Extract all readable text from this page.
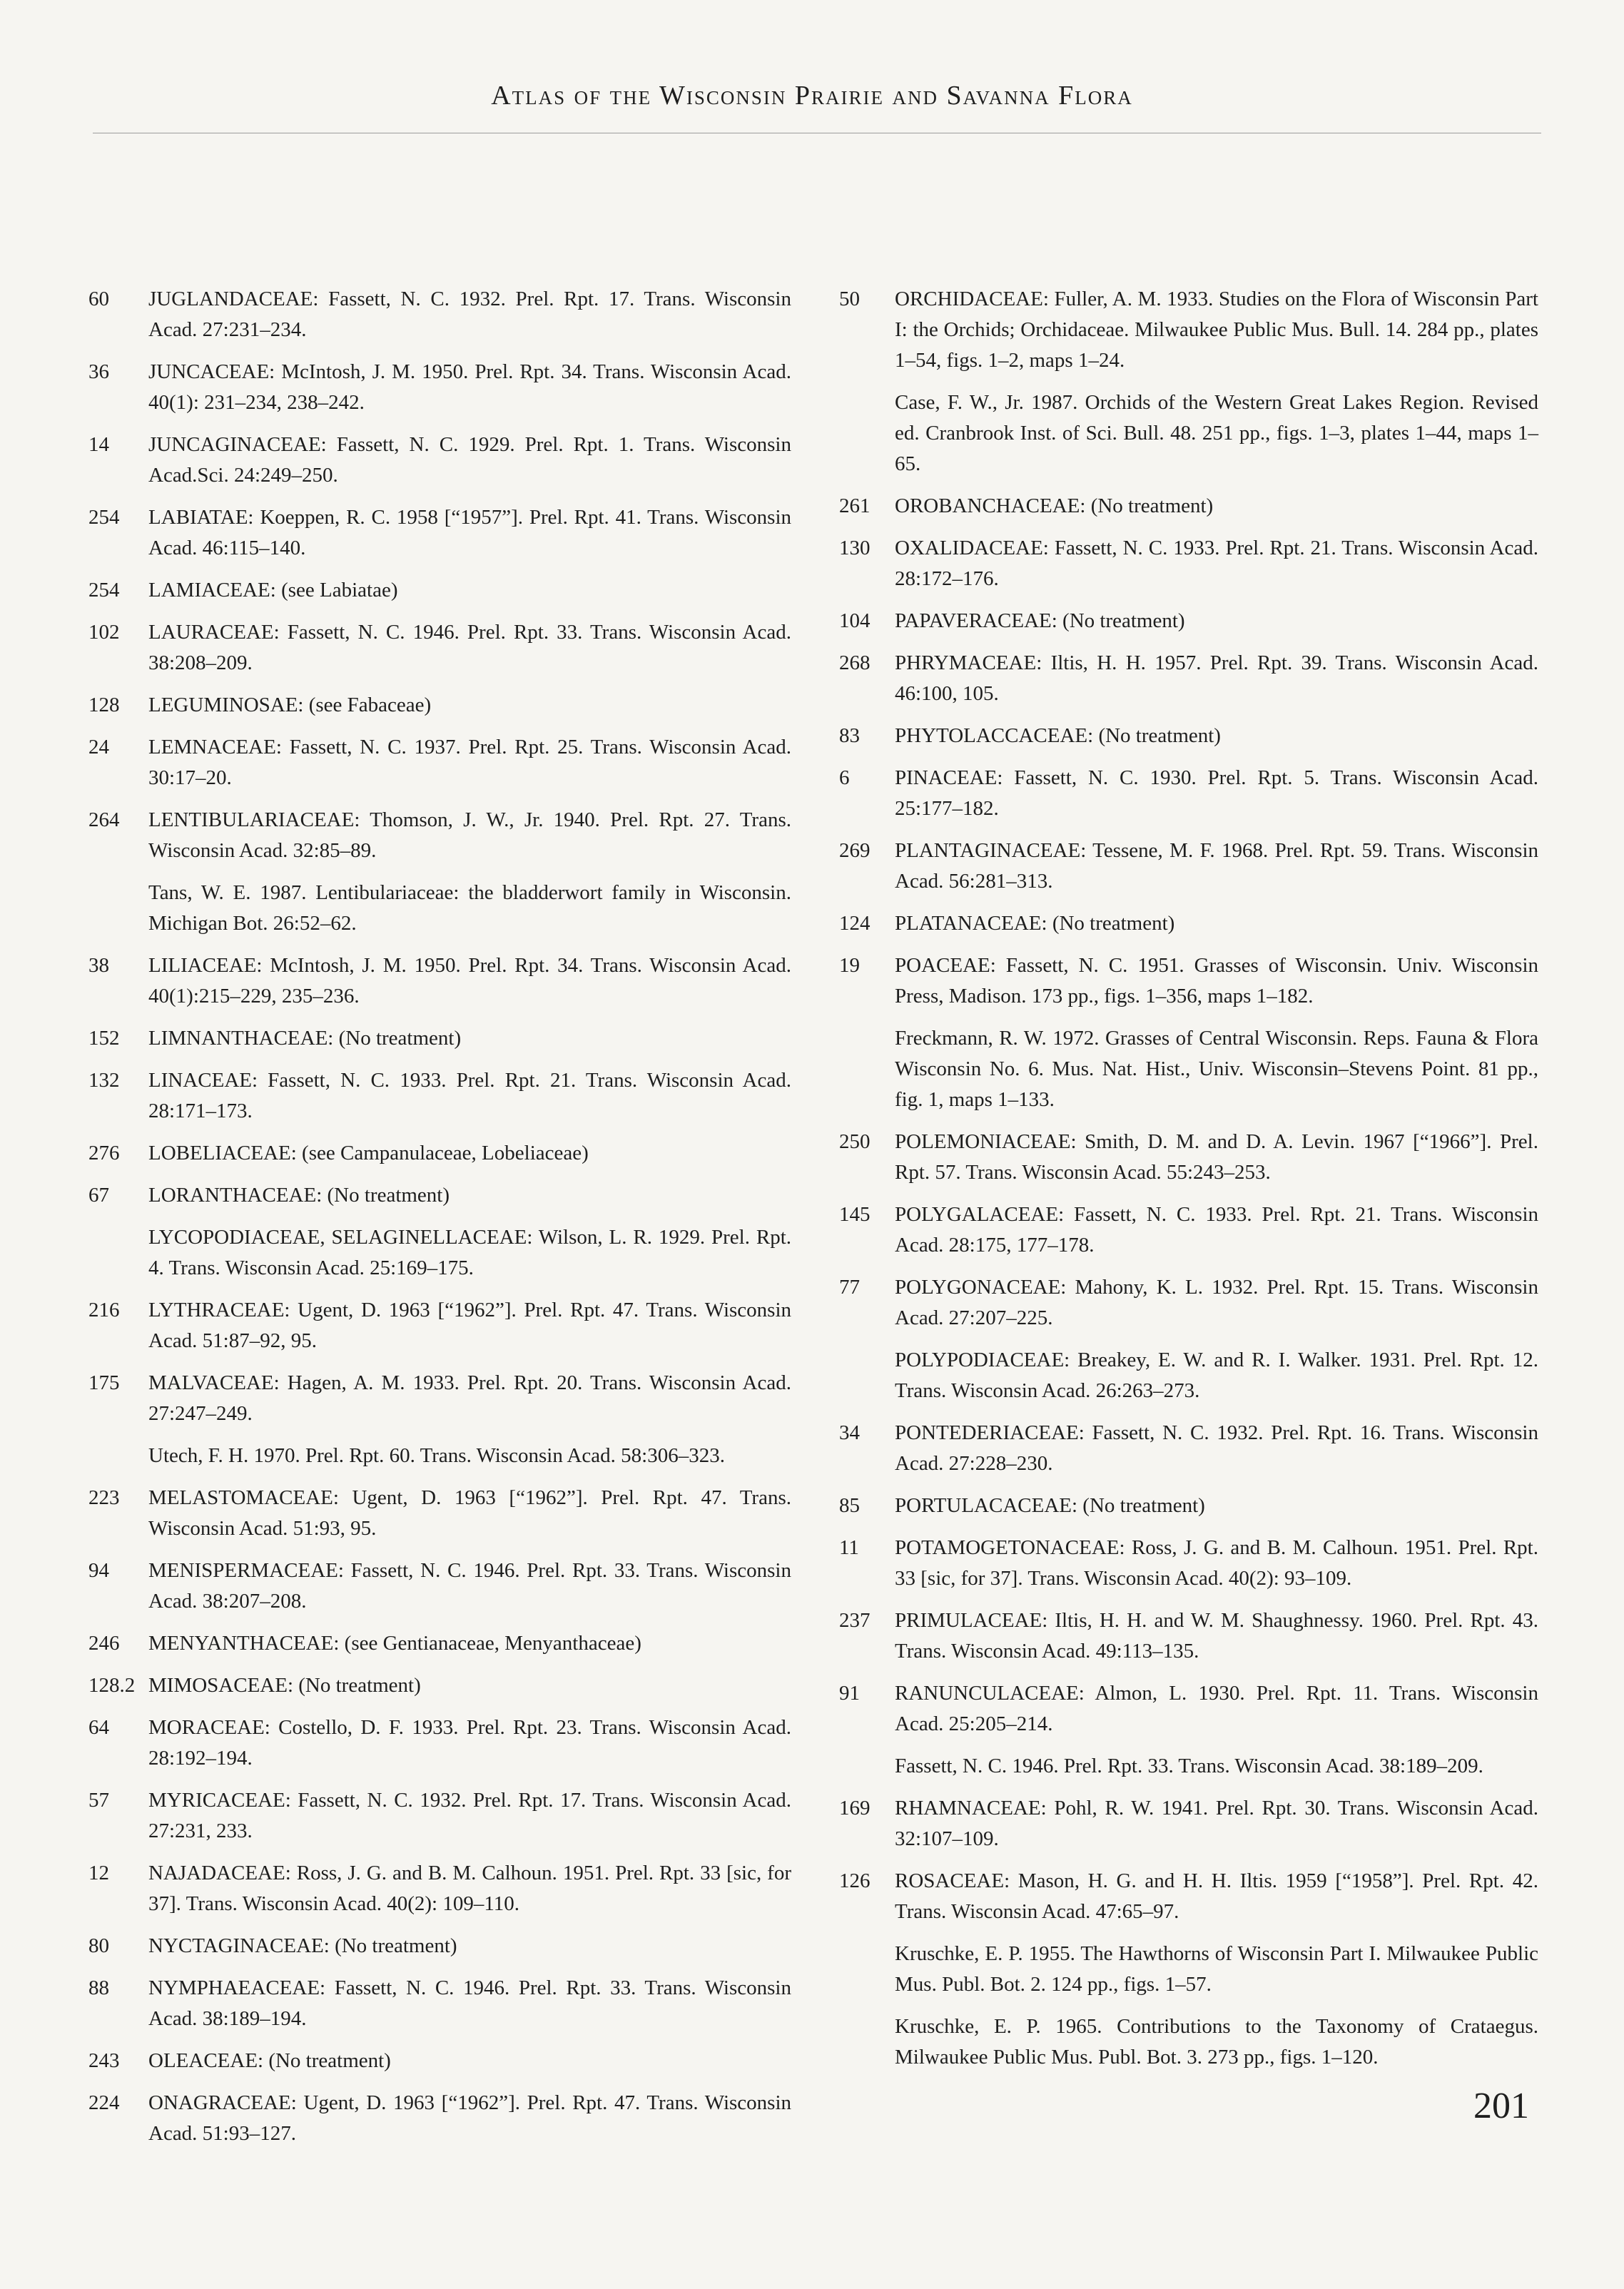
Atlas of the Wisconsin Prairie and Savanna Flora
60	JUGLANDACEAE: Fassett, N. C. 1932. Prel. Rpt. 17. Trans. Wisconsin Acad. 27:231–234.
36	JUNCACEAE: McIntosh, J. M. 1950. Prel. Rpt. 34. Trans. Wisconsin Acad. 40(1): 231–234, 238–242.
14	JUNCAGINACEAE: Fassett, N. C. 1929. Prel. Rpt. 1. Trans. Wisconsin Acad.Sci. 24:249–250.
254	LABIATAE: Koeppen, R. C. 1958 [“1957”]. Prel. Rpt. 41. Trans. Wisconsin Acad. 46:115–140.
254	LAMIACEAE: (see Labiatae)
102	LAURACEAE: Fassett, N. C. 1946. Prel. Rpt. 33. Trans. Wisconsin Acad. 38:208–209.
128	LEGUMINOSAE: (see Fabaceae)
24	LEMNACEAE: Fassett, N. C. 1937. Prel. Rpt. 25. Trans. Wisconsin Acad. 30:17–20.
264	LENTIBULARIACEAE: Thomson, J. W., Jr. 1940. Prel. Rpt. 27. Trans. Wisconsin Acad. 32:85–89.
Tans, W. E. 1987. Lentibulariaceae: the bladderwort family in Wisconsin. Michigan Bot. 26:52–62.
38	LILIACEAE: McIntosh, J. M. 1950. Prel. Rpt. 34. Trans. Wisconsin Acad. 40(1):215–229, 235–236.
152	LIMNANTHACEAE: (No treatment)
132	LINACEAE: Fassett, N. C. 1933. Prel. Rpt. 21. Trans. Wisconsin Acad. 28:171–173.
276	LOBELIACEAE: (see Campanulaceae, Lobeliaceae)
67	LORANTHACEAE: (No treatment)
LYCOPODIACEAE, SELAGINELLACEAE: Wilson, L. R. 1929. Prel. Rpt. 4. Trans. Wisconsin Acad. 25:169–175.
216	LYTHRACEAE: Ugent, D. 1963 [“1962”]. Prel. Rpt. 47. Trans. Wisconsin Acad. 51:87–92, 95.
175	MALVACEAE: Hagen, A. M. 1933. Prel. Rpt. 20. Trans. Wisconsin Acad. 27:247–249.
Utech, F. H. 1970. Prel. Rpt. 60. Trans. Wisconsin Acad. 58:306–323.
223	MELASTOMACEAE: Ugent, D. 1963 [“1962”]. Prel. Rpt. 47. Trans. Wisconsin Acad. 51:93, 95.
94	MENISPERMACEAE: Fassett, N. C. 1946. Prel. Rpt. 33. Trans. Wisconsin Acad. 38:207–208.
246	MENYANTHACEAE: (see Gentianaceae, Menyanthaceae)
128.2 MIMOSACEAE: (No treatment)
64	MORACEAE: Costello, D. F. 1933. Prel. Rpt. 23. Trans. Wisconsin Acad. 28:192–194.
57	MYRICACEAE: Fassett, N. C. 1932. Prel. Rpt. 17. Trans. Wisconsin Acad. 27:231, 233.
12	NAJADACEAE: Ross, J. G. and B. M. Calhoun. 1951. Prel. Rpt. 33 [sic, for 37]. Trans. Wisconsin Acad. 40(2): 109–110.
80	NYCTAGINACEAE: (No treatment)
88	NYMPHAEACEAE: Fassett, N. C. 1946. Prel. Rpt. 33. Trans. Wisconsin Acad. 38:189–194.
243	OLEACEAE: (No treatment)
224	ONAGRACEAE: Ugent, D. 1963 [“1962”]. Prel. Rpt. 47. Trans. Wisconsin Acad. 51:93–127.
50	ORCHIDACEAE: Fuller, A. M. 1933. Studies on the Flora of Wisconsin Part I: the Orchids; Orchidaceae. Milwaukee Public Mus. Bull. 14. 284 pp., plates 1–54, figs. 1–2, maps 1–24.
Case, F. W., Jr. 1987. Orchids of the Western Great Lakes Region. Revised ed. Cranbrook Inst. of Sci. Bull. 48. 251 pp., figs. 1–3, plates 1–44, maps 1–65.
261	OROBANCHACEAE: (No treatment)
130	OXALIDACEAE: Fassett, N. C. 1933. Prel. Rpt. 21. Trans. Wisconsin Acad. 28:172–176.
104	PAPAVERACEAE: (No treatment)
268	PHRYMACEAE: Iltis, H. H. 1957. Prel. Rpt. 39. Trans. Wisconsin Acad. 46:100, 105.
83	PHYTOLACCACEAE: (No treatment)
6	PINACEAE: Fassett, N. C. 1930. Prel. Rpt. 5. Trans. Wisconsin Acad. 25:177–182.
269	PLANTAGINACEAE: Tessene, M. F. 1968. Prel. Rpt. 59. Trans. Wisconsin Acad. 56:281–313.
124	PLATANACEAE: (No treatment)
19	POACEAE: Fassett, N. C. 1951. Grasses of Wisconsin. Univ. Wisconsin Press, Madison. 173 pp., figs. 1–356, maps 1–182.
Freckmann, R. W. 1972. Grasses of Central Wisconsin. Reps. Fauna & Flora Wisconsin No. 6. Mus. Nat. Hist., Univ. Wisconsin–Stevens Point. 81 pp., fig. 1, maps 1–133.
250	POLEMONIACEAE: Smith, D. M. and D. A. Levin. 1967 [“1966”]. Prel. Rpt. 57. Trans. Wisconsin Acad. 55:243–253.
145	POLYGALACEAE: Fassett, N. C. 1933. Prel. Rpt. 21. Trans. Wisconsin Acad. 28:175, 177–178.
77	POLYGONACEAE: Mahony, K. L. 1932. Prel. Rpt. 15. Trans. Wisconsin Acad. 27:207–225.
POLYPODIACEAE: Breakey, E. W. and R. I. Walker. 1931. Prel. Rpt. 12. Trans. Wisconsin Acad. 26:263–273.
34	PONTEDERIACEAE: Fassett, N. C. 1932. Prel. Rpt. 16. Trans. Wisconsin Acad. 27:228–230.
85	PORTULACACEAE: (No treatment)
11	POTAMOGETONACEAE: Ross, J. G. and B. M. Calhoun. 1951. Prel. Rpt. 33 [sic, for 37]. Trans. Wisconsin Acad. 40(2): 93–109.
237	PRIMULACEAE: Iltis, H. H. and W. M. Shaughnessy. 1960. Prel. Rpt. 43. Trans. Wisconsin Acad. 49:113–135.
91	RANUNCULACEAE: Almon, L. 1930. Prel. Rpt. 11. Trans. Wisconsin Acad. 25:205–214.
Fassett, N. C. 1946. Prel. Rpt. 33. Trans. Wisconsin Acad. 38:189–209.
169	RHAMNACEAE: Pohl, R. W. 1941. Prel. Rpt. 30. Trans. Wisconsin Acad. 32:107–109.
126	ROSACEAE: Mason, H. G. and H. H. Iltis. 1959 [“1958”]. Prel. Rpt. 42. Trans. Wisconsin Acad. 47:65–97.
Kruschke, E. P. 1955. The Hawthorns of Wisconsin Part I. Milwaukee Public Mus. Publ. Bot. 2. 124 pp., figs. 1–57.
Kruschke, E. P. 1965. Contributions to the Taxonomy of Crataegus. Milwaukee Public Mus. Publ. Bot. 3. 273 pp., figs. 1–120.
201
